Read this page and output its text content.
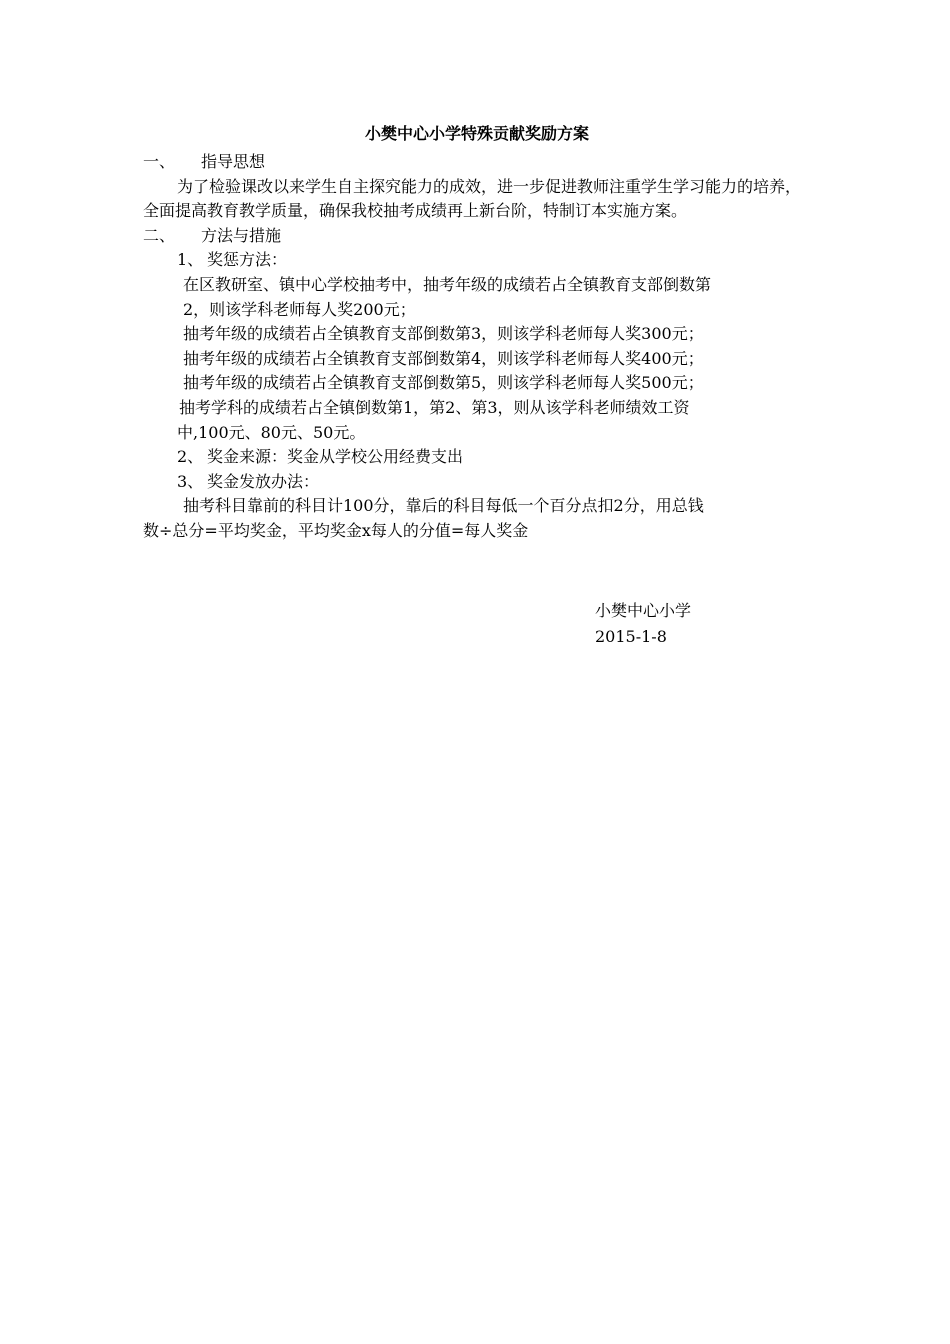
小樊中心小学特殊贡献奖励方案
一、 指导思想
为了检验课改以来学生自主探究能力的成效，进一步促进教师注重学生学习能力的培养，全面提高教育教学质量，确保我校抽考成绩再上新台阶，特制订本实施方案。
二、 方法与措施
1、 奖惩方法：
在区教研室、镇中心学校抽考中，抽考年级的成绩若占全镇教育支部倒数第
2，则该学科老师每人奖200元；
抽考年级的成绩若占全镇教育支部倒数第3，则该学科老师每人奖300元；
抽考年级的成绩若占全镇教育支部倒数第4，则该学科老师每人奖400元；
抽考年级的成绩若占全镇教育支部倒数第5，则该学科老师每人奖500元；
抽考学科的成绩若占全镇倒数第1，第2、第3，则从该学科老师绩效工资
中,100元、80元、50元。
2、 奖金来源：奖金从学校公用经费支出
3、 奖金发放办法：
抽考科目靠前的科目计100分，靠后的科目每低一个百分点扣2分，用总钱
数÷总分=平均奖金，平均奖金x每人的分值=每人奖金
小樊中心小学
2015-1-8
